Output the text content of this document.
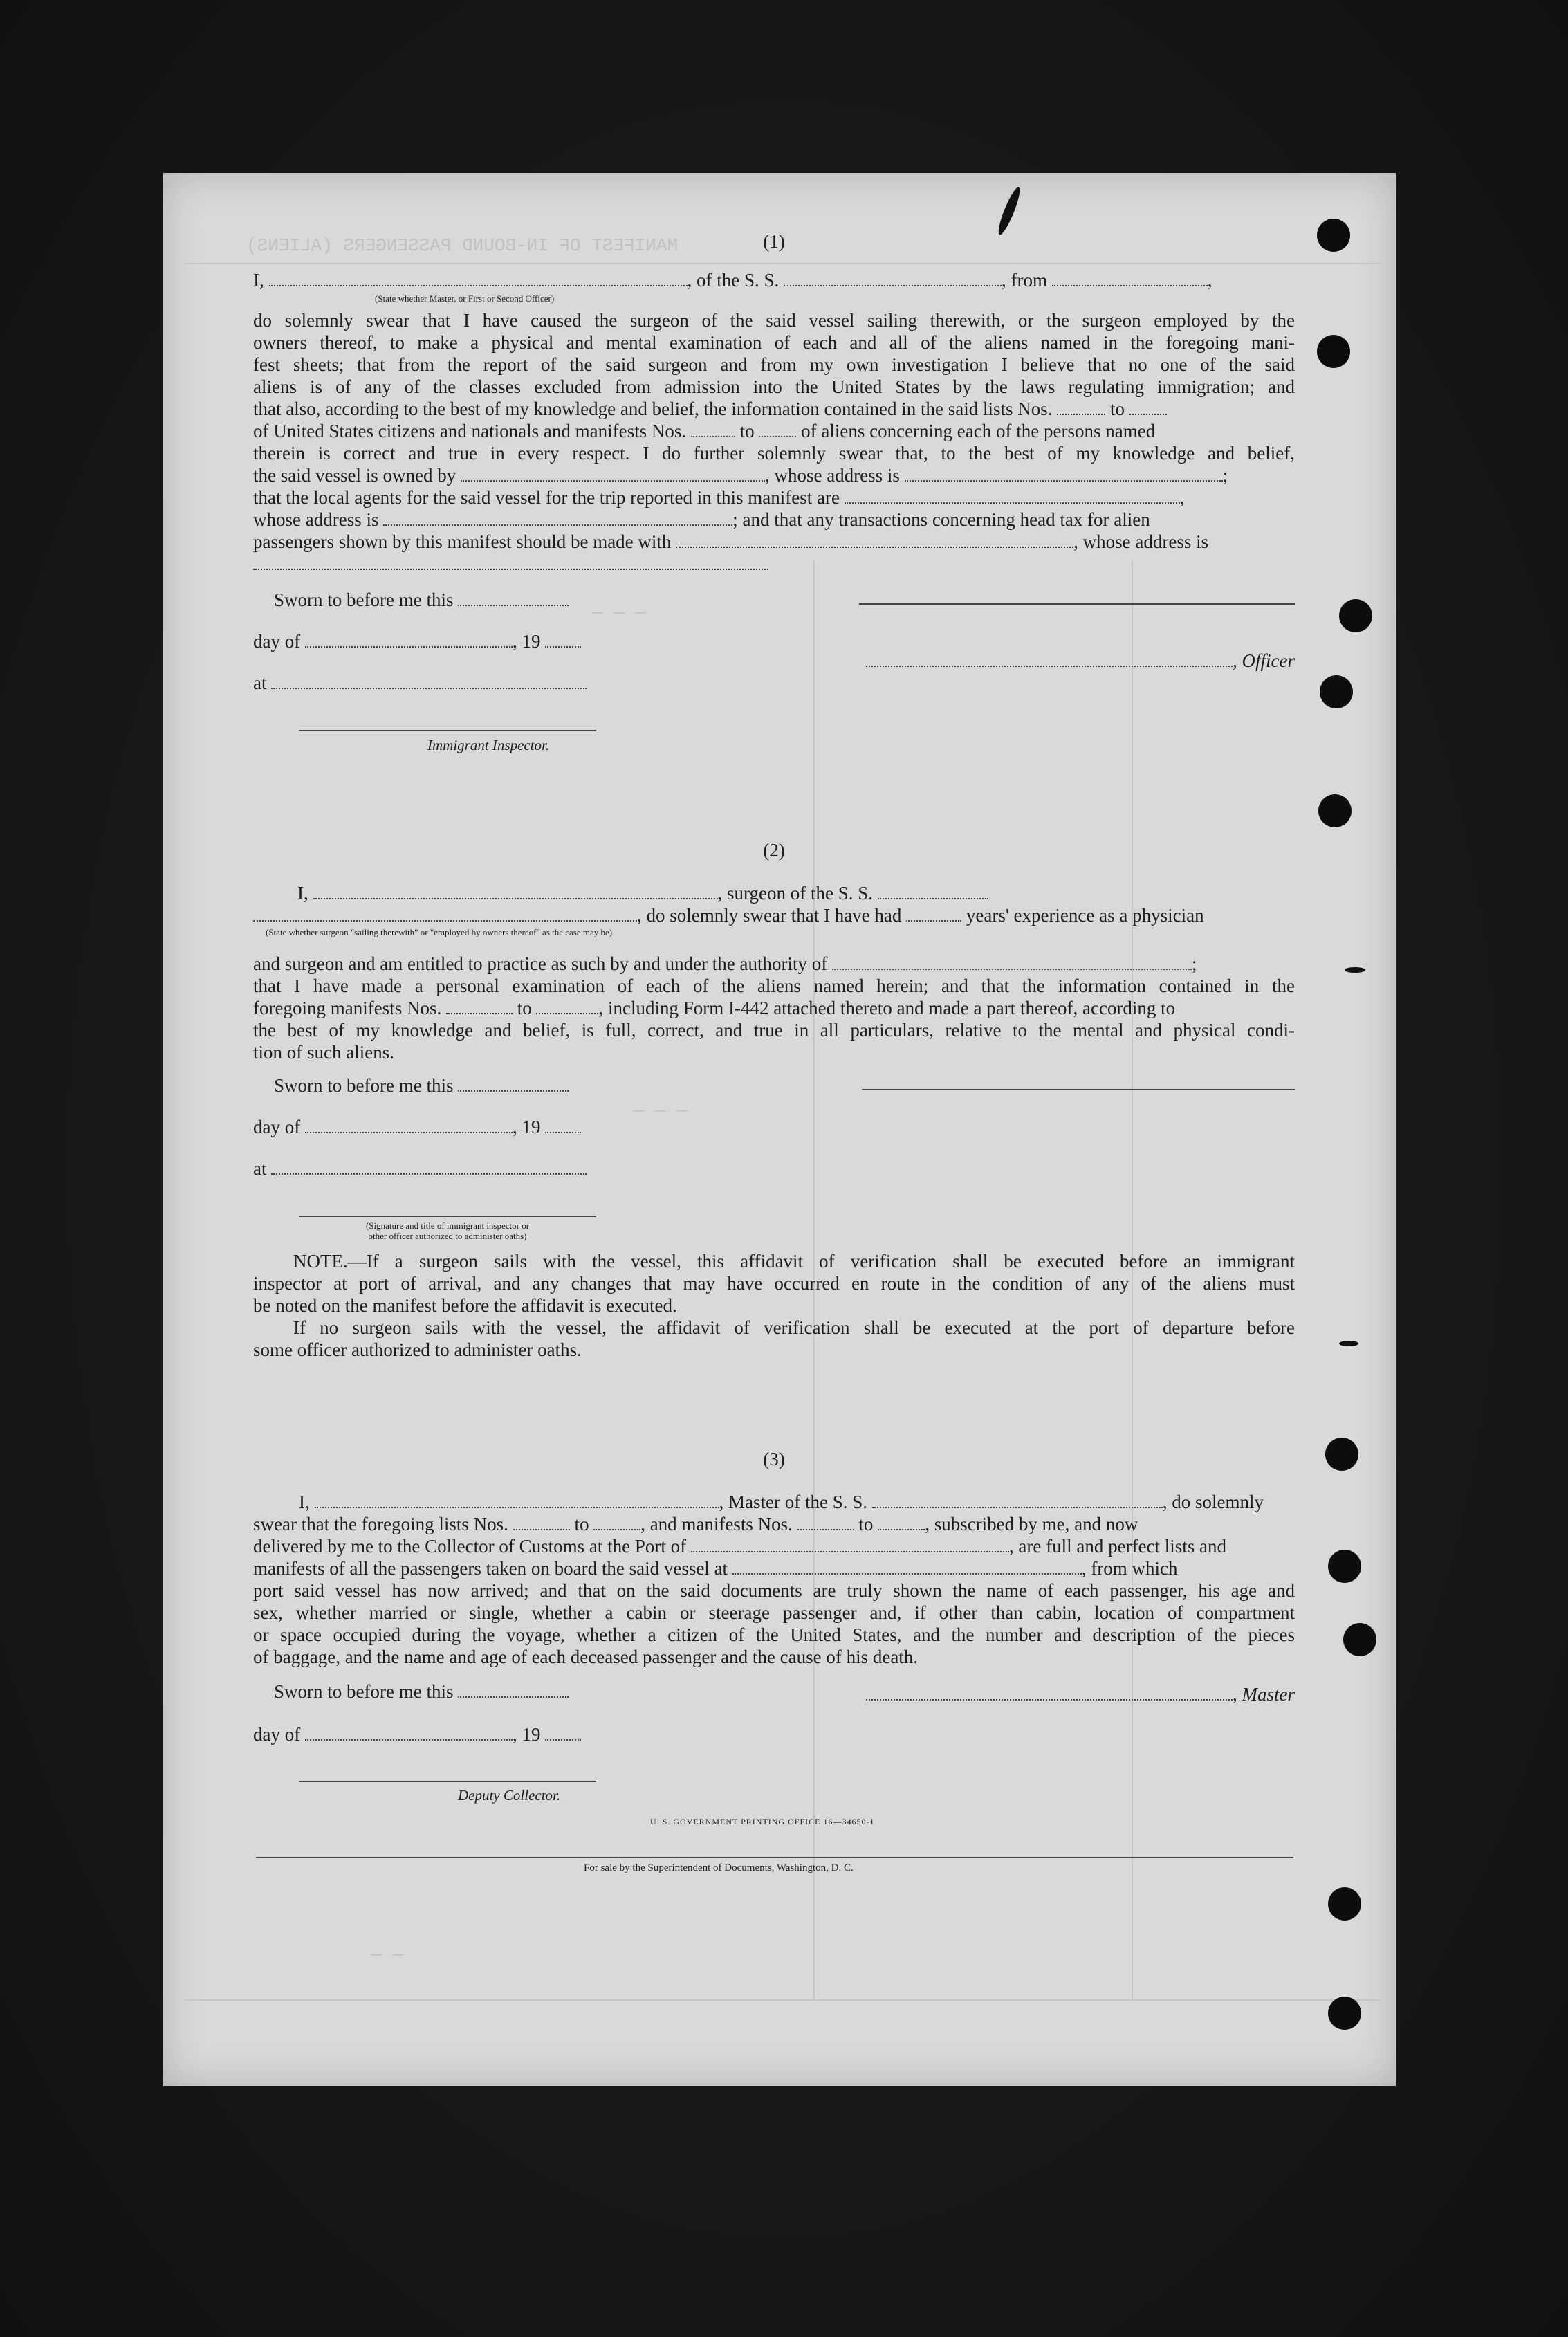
MANIFEST OF IN-BOUND PASSENGERS (ALIENS)
— — —
— — —
— —
(1)
I,	, of the S. S.	, from	,
(State whether Master, or First or Second Officer)
do solemnly swear that I have caused the surgeon of the said vessel sailing therewith, or the surgeon employed by the
owners thereof, to make a physical and mental examination of each and all of the aliens named in the foregoing mani-
fest sheets; that from the report of the said surgeon and from my own investigation I believe that no one of the said
aliens is of any of the classes excluded from admission into the United States by the laws regulating immigration; and
that also, according to the best of my knowledge and belief, the information contained in the said lists Nos.	to
of United States citizens and nationals and manifests Nos.	to	of aliens concerning each of the persons named
therein is correct and true in every respect. I do further solemnly swear that, to the best of my knowledge and belief,
the said vessel is owned by	, whose address is	;
that the local agents for the said vessel for the trip reported in this manifest are	,
whose address is	; and that any transactions concerning head tax for alien
passengers shown by this manifest should be made with	, whose address is
Sworn to before me this
day of	, 19
, Officer
at
Immigrant Inspector.
(2)
I,	, surgeon of the S. S.
, do solemnly swear that I have had	years' experience as a physician
(State whether surgeon "sailing therewith" or "employed by owners thereof" as the case may be)
and surgeon and am entitled to practice as such by and under the authority of	;
that I have made a personal examination of each of the aliens named herein; and that the information contained in the
foregoing manifests Nos.	to	, including Form I-442 attached thereto and made a part thereof, according to
the best of my knowledge and belief, is full, correct, and true in all particulars, relative to the mental and physical condi-
tion of such aliens.
Sworn to before me this
day of	, 19
at
(Signature and title of immigrant inspector or
other officer authorized to administer oaths)
NOTE.—If a surgeon sails with the vessel, this affidavit of verification shall be executed before an immigrant
inspector at port of arrival, and any changes that may have occurred en route in the condition of any of the aliens must
be noted on the manifest before the affidavit is executed.
If no surgeon sails with the vessel, the affidavit of verification shall be executed at the port of departure before
some officer authorized to administer oaths.
(3)
I,	, Master of the S. S.	, do solemnly
swear that the foregoing lists Nos.	to	, and manifests Nos.	to	, subscribed by me, and now
delivered by me to the Collector of Customs at the Port of	, are full and perfect lists and
manifests of all the passengers taken on board the said vessel at	, from which
port said vessel has now arrived; and that on the said documents are truly shown the name of each passenger, his age and
sex, whether married or single, whether a cabin or steerage passenger and, if other than cabin, location of compartment
or space occupied during the voyage, whether a citizen of the United States, and the number and description of the pieces
of baggage, and the name and age of each deceased passenger and the cause of his death.
Sworn to before me this	, Master
day of	, 19
Deputy Collector.
U. S. GOVERNMENT PRINTING OFFICE 16—34650-1
For sale by the Superintendent of Documents, Washington, D. C.
